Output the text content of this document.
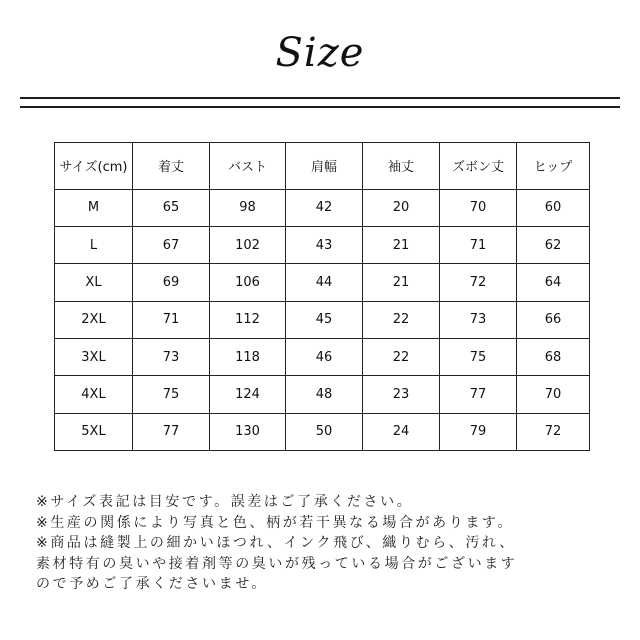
Size
サイズ(cm)	着丈	バスト	肩幅	袖丈	ズボン丈	ヒップ
M	65	98	42	20	70	60
L	67	102	43	21	71	62
XL	69	106	44	21	72	64
2XL	71	112	45	22	73	66
3XL	73	118	46	22	75	68
4XL	75	124	48	23	77	70
5XL	77	130	50	24	79	72
※サイズ表記は目安です。誤差はご了承ください。
※生産の関係により写真と色、柄が若干異なる場合があります。
※商品は縫製上の細かいほつれ、インク飛び、織りむら、汚れ、
素材特有の臭いや接着剤等の臭いが残っている場合がございます
ので予めご了承くださいませ。
